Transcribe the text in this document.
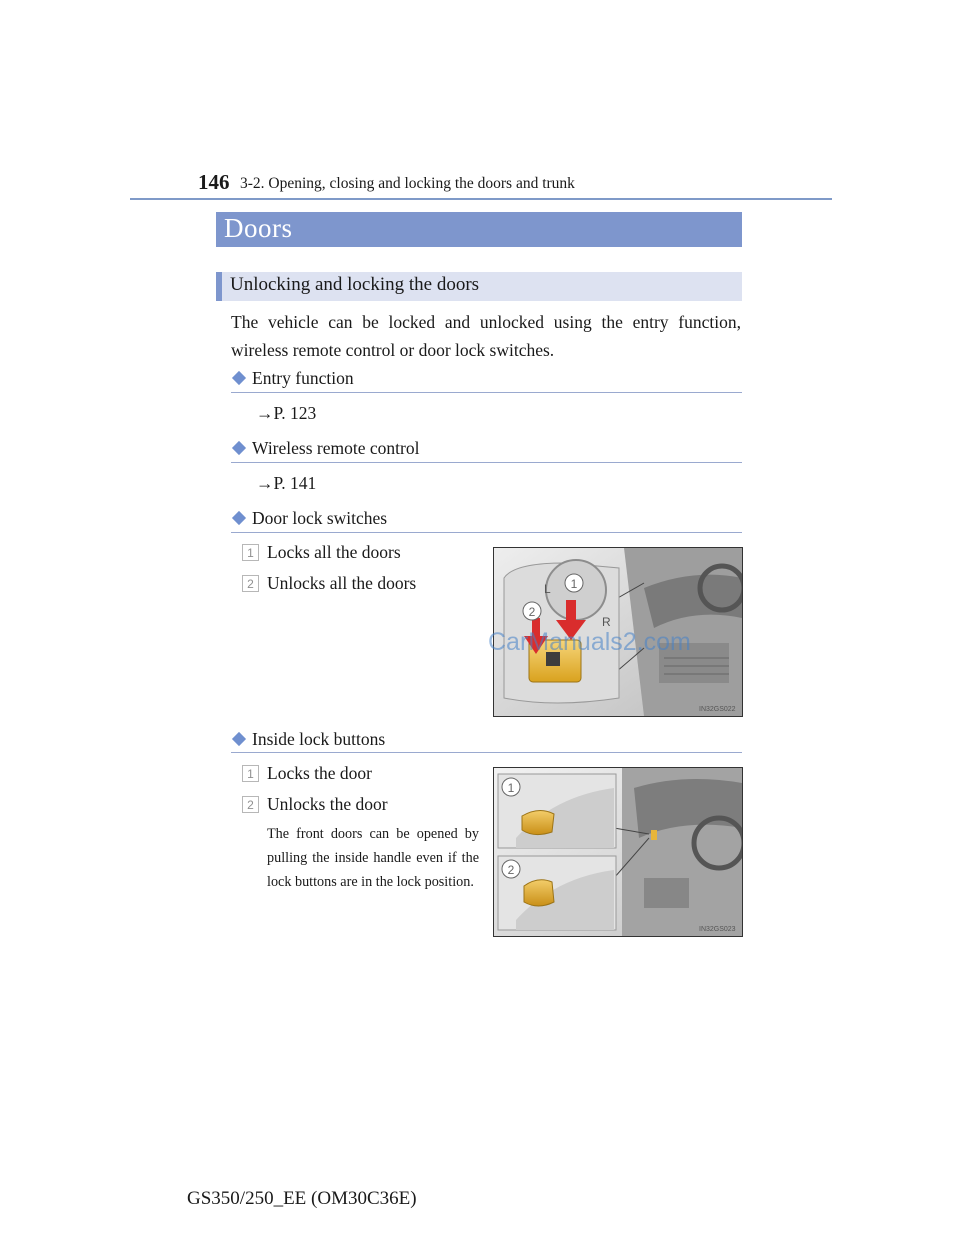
146 3-2. Opening, closing and locking the doors and trunk
Doors
Unlocking and locking the doors
The vehicle can be locked and unlocked using the entry function, wireless remote control or door lock switches.
Entry function
→P. 123
Wireless remote control
→P. 141
Door lock switches
1 Locks all the doors
2 Unlocks all the doors	L
R
1
2
IN32GS022
CarManuals2.com
Inside lock buttons
1 Locks the door
2 Unlocks the door
The front doors can be opened by pulling the inside handle even if the lock buttons are in the lock position.
1
2
IN32GS023
GS350/250_EE (OM30C36E)
